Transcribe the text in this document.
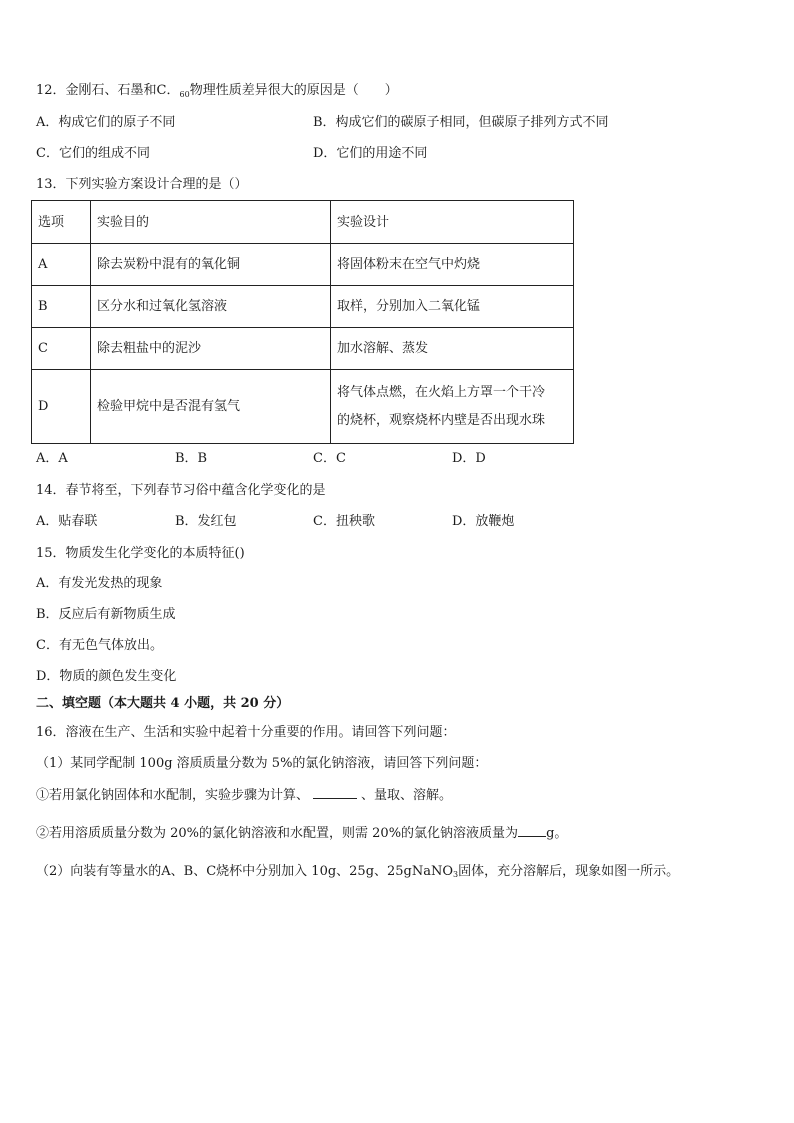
12．金刚石、石墨和C．$_{60}$物理性质差异很大的原因是（　　）
A．构成它们的原子不同	B．构成它们的碳原子相同，但碳原子排列方式不同
C．它们的组成不同	D．它们的用途不同
13．下列实验方案设计合理的是（）
选项	实验目的	实验设计
A	除去炭粉中混有的氧化铜	将固体粉末在空气中灼烧
B	区分水和过氧化氢溶液	取样，分别加入二氧化锰
C	除去粗盐中的泥沙	加水溶解、蒸发
D	检验甲烷中是否混有氢气	将气体点燃，在火焰上方罩一个干冷
的烧杯，观察烧杯内壁是否出现水珠
A．A	B．B	C．C	D．D
14．春节将至，下列春节习俗中蕴含化学变化的是
A．贴春联	B．发红包	C．扭秧歌	D．放鞭炮
15．物质发生化学变化的本质特征()
A．有发光发热的现象
B．反应后有新物质生成
C．有无色气体放出。
D．物质的颜色发生变化
二、填空题（本大题共 4 小题，共 20 分）
16．溶液在生产、生活和实验中起着十分重要的作用。请回答下列问题：
（1）某同学配制 100g 溶质质量分数为 5%的氯化钠溶液，请回答下列问题：
①若用氯化钠固体和水配制，实验步骤为计算、	、量取、溶解。
②若用溶质质量分数为 20%的氯化钠溶液和水配置，则需 20%的氯化钠溶液质量为 g。
（2）向装有等量水的A、B、C烧杯中分别加入 10g、25g、25gNaNO3固体，充分溶解后，现象如图一所示。
